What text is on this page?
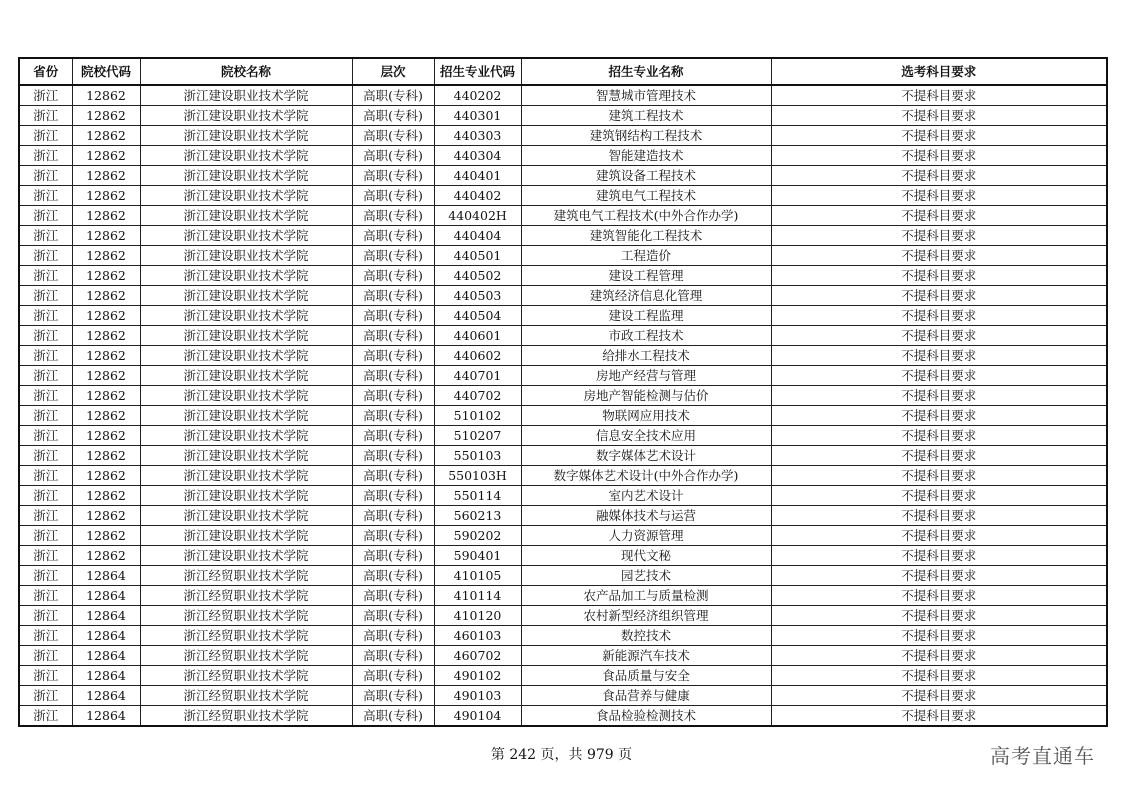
省份	院校代码	院校名称	层次	招生专业代码	招生专业名称	选考科目要求
浙江	12862	浙江建设职业技术学院	高职(专科)	440202	智慧城市管理技术	不提科目要求
浙江	12862	浙江建设职业技术学院	高职(专科)	440301	建筑工程技术	不提科目要求
浙江	12862	浙江建设职业技术学院	高职(专科)	440303	建筑钢结构工程技术	不提科目要求
浙江	12862	浙江建设职业技术学院	高职(专科)	440304	智能建造技术	不提科目要求
浙江	12862	浙江建设职业技术学院	高职(专科)	440401	建筑设备工程技术	不提科目要求
浙江	12862	浙江建设职业技术学院	高职(专科)	440402	建筑电气工程技术	不提科目要求
浙江	12862	浙江建设职业技术学院	高职(专科)	440402H	建筑电气工程技术(中外合作办学)	不提科目要求
浙江	12862	浙江建设职业技术学院	高职(专科)	440404	建筑智能化工程技术	不提科目要求
浙江	12862	浙江建设职业技术学院	高职(专科)	440501	工程造价	不提科目要求
浙江	12862	浙江建设职业技术学院	高职(专科)	440502	建设工程管理	不提科目要求
浙江	12862	浙江建设职业技术学院	高职(专科)	440503	建筑经济信息化管理	不提科目要求
浙江	12862	浙江建设职业技术学院	高职(专科)	440504	建设工程监理	不提科目要求
浙江	12862	浙江建设职业技术学院	高职(专科)	440601	市政工程技术	不提科目要求
浙江	12862	浙江建设职业技术学院	高职(专科)	440602	给排水工程技术	不提科目要求
浙江	12862	浙江建设职业技术学院	高职(专科)	440701	房地产经营与管理	不提科目要求
浙江	12862	浙江建设职业技术学院	高职(专科)	440702	房地产智能检测与估价	不提科目要求
浙江	12862	浙江建设职业技术学院	高职(专科)	510102	物联网应用技术	不提科目要求
浙江	12862	浙江建设职业技术学院	高职(专科)	510207	信息安全技术应用	不提科目要求
浙江	12862	浙江建设职业技术学院	高职(专科)	550103	数字媒体艺术设计	不提科目要求
浙江	12862	浙江建设职业技术学院	高职(专科)	550103H	数字媒体艺术设计(中外合作办学)	不提科目要求
浙江	12862	浙江建设职业技术学院	高职(专科)	550114	室内艺术设计	不提科目要求
浙江	12862	浙江建设职业技术学院	高职(专科)	560213	融媒体技术与运营	不提科目要求
浙江	12862	浙江建设职业技术学院	高职(专科)	590202	人力资源管理	不提科目要求
浙江	12862	浙江建设职业技术学院	高职(专科)	590401	现代文秘	不提科目要求
浙江	12864	浙江经贸职业技术学院	高职(专科)	410105	园艺技术	不提科目要求
浙江	12864	浙江经贸职业技术学院	高职(专科)	410114	农产品加工与质量检测	不提科目要求
浙江	12864	浙江经贸职业技术学院	高职(专科)	410120	农村新型经济组织管理	不提科目要求
浙江	12864	浙江经贸职业技术学院	高职(专科)	460103	数控技术	不提科目要求
浙江	12864	浙江经贸职业技术学院	高职(专科)	460702	新能源汽车技术	不提科目要求
浙江	12864	浙江经贸职业技术学院	高职(专科)	490102	食品质量与安全	不提科目要求
浙江	12864	浙江经贸职业技术学院	高职(专科)	490103	食品营养与健康	不提科目要求
浙江	12864	浙江经贸职业技术学院	高职(专科)	490104	食品检验检测技术	不提科目要求
第 242 页，共 979 页	高考直通车
